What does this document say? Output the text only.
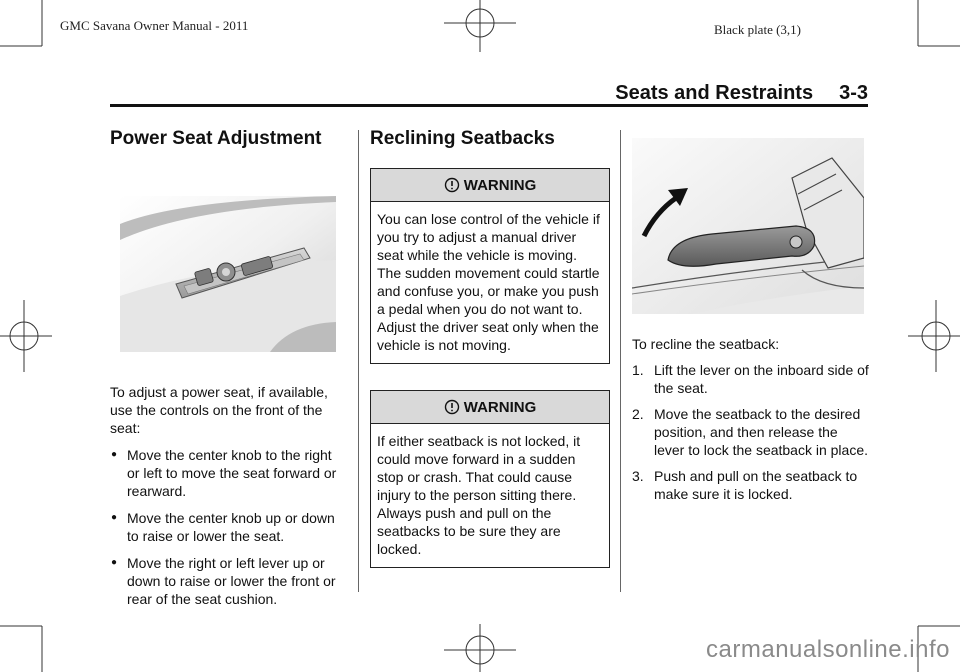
GMC Savana Owner Manual - 2011	Black plate (3,1)
Seats and Restraints 3-3
Power Seat Adjustment
To adjust a power seat, if available, use the controls on the front of the seat:
● Move the center knob to the right or left to move the seat forward or rearward.
● Move the center knob up or down to raise or lower the seat.
● Move the right or left lever up or down to raise or lower the front or rear of the seat cushion.
Reclining Seatbacks
WARNING
You can lose control of the vehicle if you try to adjust a manual driver seat while the vehicle is moving. The sudden movement could startle and confuse you, or make you push a pedal when you do not want to. Adjust the driver seat only when the vehicle is not moving.
WARNING
If either seatback is not locked, it could move forward in a sudden stop or crash. That could cause injury to the person sitting there. Always push and pull on the seatbacks to be sure they are locked.
To recline the seatback:
1. Lift the lever on the inboard side of the seat.
2. Move the seatback to the desired position, and then release the lever to lock the seatback in place.
3. Push and pull on the seatback to make sure it is locked.
carmanualsonline.info
